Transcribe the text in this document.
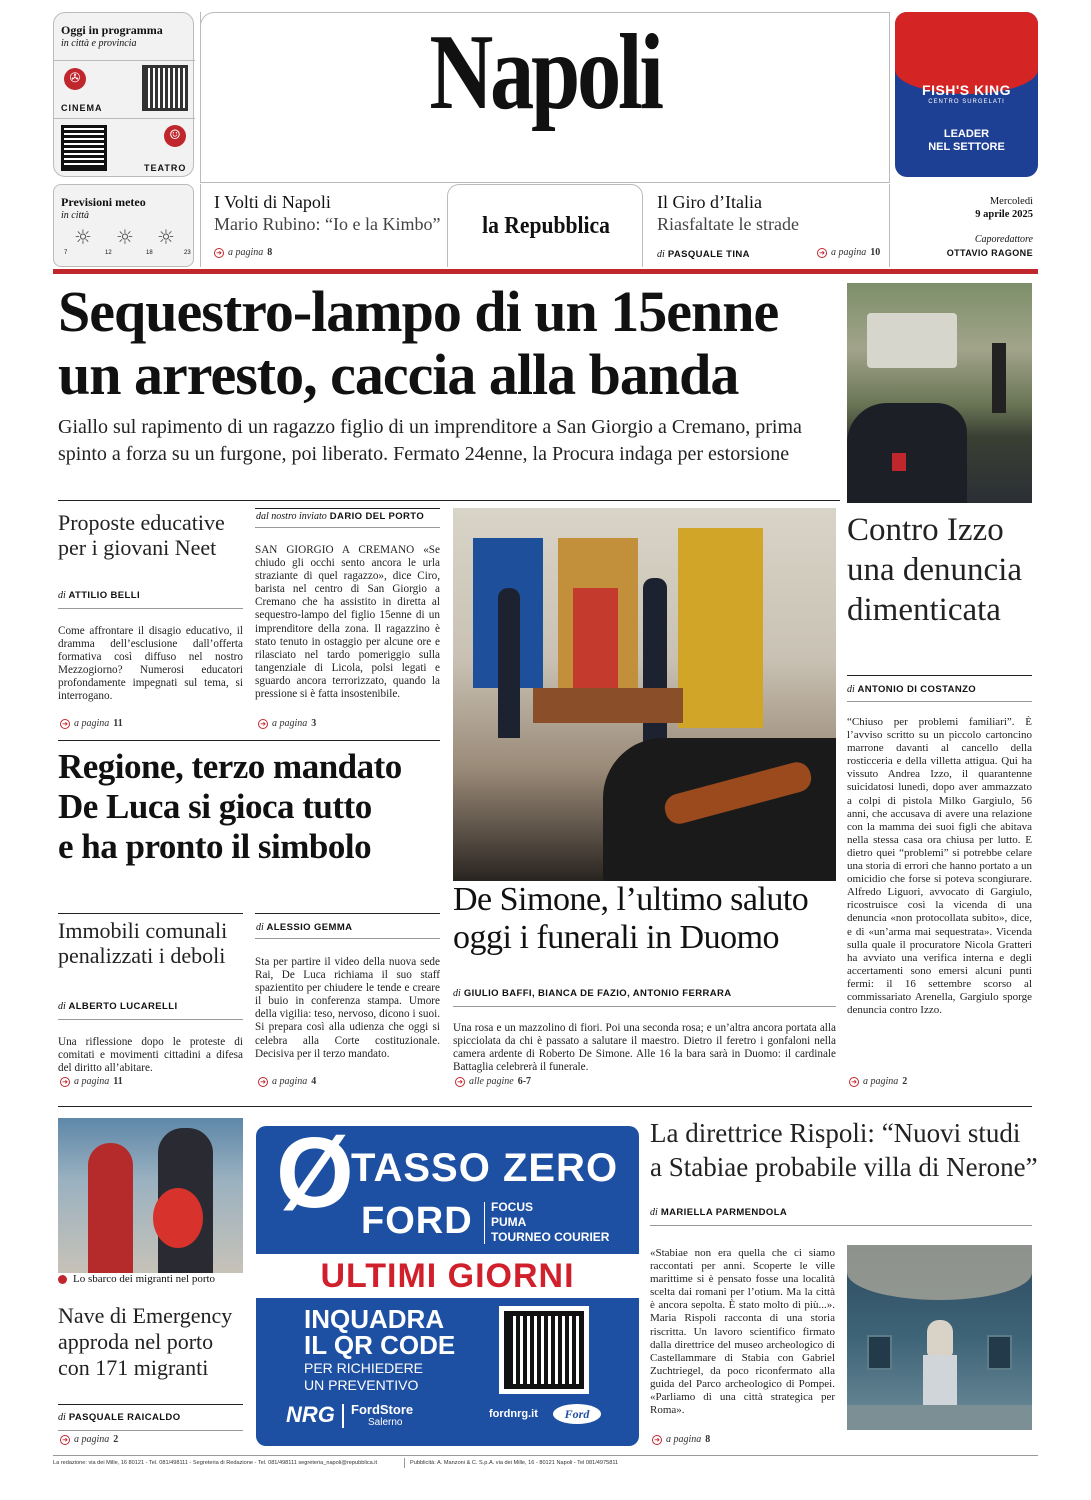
Oggi in programma
in città e provincia
✇
CINEMA
☺
TEATRO
Napoli	FISH'S KING
CENTRO SURGELATI
LEADER
NEL SETTORE
Previsioni meteo
in città
☼ ☼ ☼
7	12	18	23
I Volti di Napoli
Mario Rubino: “Io e la Kimbo”
➜ a pagina 8
la Repubblica
Il Giro d’Italia
Riasfaltate le strade
di PASQUALE TINA	➜ a pagina 10
Mercoledì
9 aprile 2025
Caporedattore
OTTAVIO RAGONE
Sequestro-lampo di un 15enne
un arresto, caccia alla banda
Giallo sul rapimento di un ragazzo figlio di un imprenditore a San Giorgio a Cremano, prima
spinto a forza su un furgone, poi liberato. Fermato 24enne, la Procura indaga per estorsione
Proposte educative per i giovani Neet
di ATTILIO BELLI
Come affrontare il disagio educativo, il dramma dell’esclusione dall’offerta formativa così diffuso nel nostro Mezzogiorno? Numerosi educatori profondamente impegnati sul tema, si interrogano.
➜ a pagina 11
dal nostro inviato DARIO DEL PORTO
SAN GIORGIO A CREMANO «Se chiudo gli occhi sento ancora le urla straziante di quel ragazzo», dice Ciro, barista nel centro di San Giorgio a Cremano che ha assistito in diretta al sequestro-lampo del figlio 15enne di un imprenditore della zona. Il ragazzino è stato tenuto in ostaggio per alcune ore e rilasciato nel tardo pomeriggio sulla tangenziale di Licola, polsi legati e sguardo ancora terrorizzato, quando la pressione si è fatta insostenibile.
➜ a pagina 3
Regione, terzo mandato
De Luca si gioca tutto
e ha pronto il simbolo
Immobili comunali penalizzati i deboli
di ALBERTO LUCARELLI
Una riflessione dopo le proteste di comitati e movimenti cittadini a difesa del diritto all’abitare.
➜ a pagina 11
di ALESSIO GEMMA
Sta per partire il video della nuova sede Rai, De Luca richiama il suo staff spazientito per chiudere le tende e creare il buio in conferenza stampa. Umore della vigilia: teso, nervoso, dicono i suoi. Si prepara così alla udienza che oggi si celebra alla Corte costituzionale. Decisiva per il terzo mandato.
➜ a pagina 4
De Simone, l’ultimo saluto
oggi i funerali in Duomo
di GIULIO BAFFI, BIANCA DE FAZIO, ANTONIO FERRARA
Una rosa e un mazzolino di fiori. Poi una seconda rosa; e un’altra ancora portata alla spicciolata da chi è passato a salutare il maestro. Dietro il feretro i gonfaloni nella camera ardente di Roberto De Simone. Alle 16 la bara sarà in Duomo: il cardinale Battaglia celebrerà il funerale.
➜ alle pagine 6-7
Contro Izzo una denuncia dimenticata
di ANTONIO DI COSTANZO
“Chiuso per problemi familiari”. È l’avviso scritto su un piccolo cartoncino marrone davanti al cancello della rosticceria e della villetta attigua. Qui ha vissuto Andrea Izzo, il quarantenne suicidatosi lunedì, dopo aver ammazzato a colpi di pistola Milko Gargiulo, 56 anni, che accusava di avere una relazione con la mamma dei suoi figli che abitava nella stessa casa ora chiusa per lutto. E dietro quei “problemi” si potrebbe celare una storia di errori che hanno portato a un omicidio che forse si poteva scongiurare. Alfredo Liguori, avvocato di Gargiulo, ricostruisce così la vicenda di una denuncia «non protocollata subito», dice, e di «un’arma mai sequestrata». Vicenda sulla quale il procuratore Nicola Gratteri ha avviato una verifica interna e degli accertamenti sono emersi alcuni punti fermi: il 16 settembre scorso al commissariato Arenella, Gargiulo sporge denuncia contro Izzo.
➜ a pagina 2
Lo sbarco dei migranti nel porto
Nave di Emergency approda nel porto con 171 migranti
di PASQUALE RAICALDO
➜ a pagina 2
Ø
TASSO ZERO
FORD FOCUS
PUMA
TOURNEO COURIER
ULTIMI GIORNI
INQUADRA
IL QR CODE
PER RICHIEDERE
UN PREVENTIVO
NRG FordStore
Salerno
fordnrg.it	Ford
La direttrice Rispoli: “Nuovi studi
a Stabiae probabile villa di Nerone”
di MARIELLA PARMENDOLA
«Stabiae non era quella che ci siamo raccontati per anni. Scoperte le ville marittime si è pensato fosse una località scelta dai romani per l’otium. Ma la città è ancora sepolta. È stato molto di più...». Maria Rispoli racconta di una storia riscritta. Un lavoro scientifico firmato dalla direttrice del museo archeologico di Castellammare di Stabia con Gabriel Zuchtriegel, da poco riconfermato alla guida del Parco archeologico di Pompei. «Parliamo di una città strategica per Roma».
➜ a pagina 8
La redazione: via dei Mille, 16 80121 - Tel. 081/498111 - Segreteria di Redazione - Tel. 081/498111 segreteria_napoli@repubblica.it	Pubblicità: A. Manzoni & C. S.p.A. via dei Mille, 16 - 80121 Napoli - Tel 081/4975811
